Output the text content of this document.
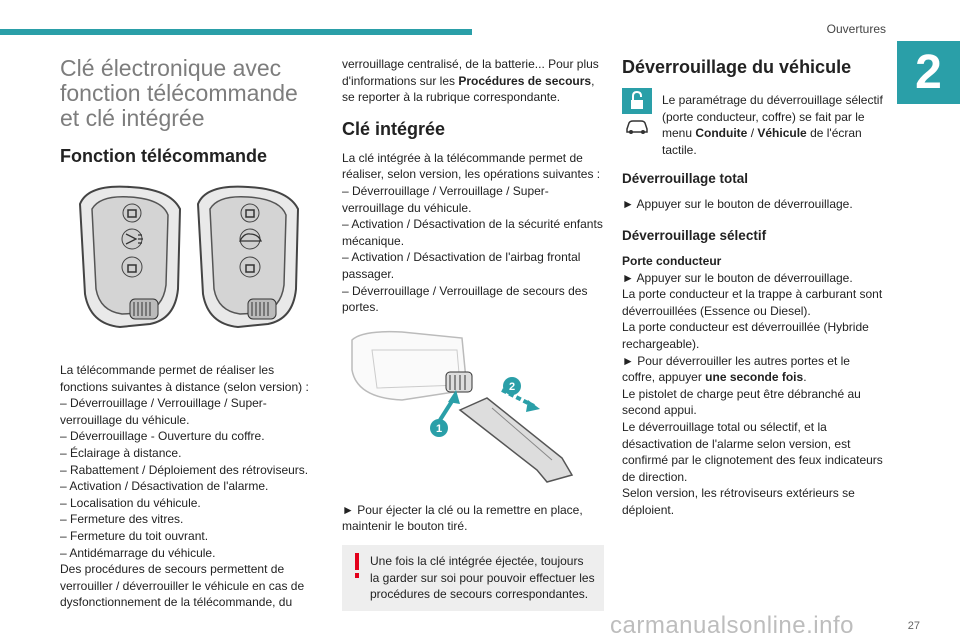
Ouvertures
2
Clé électronique avec fonction télécommande et clé intégrée
Fonction télécommande

La télécommande permet de réaliser les fonctions suivantes à distance (selon version) :

– Déverrouillage / Verrouillage / Super-verrouillage du véhicule.
– Déverrouillage - Ouverture du coffre.
– Éclairage à distance.
– Rabattement / Déploiement des rétroviseurs.
– Activation / Désactivation de l'alarme.
– Localisation du véhicule.
– Fermeture des vitres.
– Fermeture du toit ouvrant.
– Antidémarrage du véhicule.

Des procédures de secours permettent de verrouiller / déverrouiller le véhicule en cas de dysfonctionnement de la télécommande, du

verrouillage centralisé, de la batterie... Pour plus d'informations sur les Procédures de secours, se reporter à la rubrique correspondante.

Clé intégrée

La clé intégrée à la télécommande permet de réaliser, selon version, les opérations suivantes :

– Déverrouillage / Verrouillage / Super-verrouillage du véhicule.
– Activation / Désactivation de la sécurité enfants mécanique.
– Activation / Désactivation de l'airbag frontal passager.
– Déverrouillage / Verrouillage de secours des portes.
1
2

► Pour éjecter la clé ou la remettre en place, maintenir le bouton tiré.

Une fois la clé intégrée éjectée, toujours la garder sur soi pour pouvoir effectuer les procédures de secours correspondantes.

Déverrouillage du véhicule

Le paramétrage du déverrouillage sélectif (porte conducteur, coffre) se fait par le menu Conduite / Véhicule de l'écran tactile.

Déverrouillage total

► Appuyer sur le bouton de déverrouillage.

Déverrouillage sélectif

Porte conducteur

► Appuyer sur le bouton de déverrouillage.

La porte conducteur et la trappe à carburant sont déverrouillées (Essence ou Diesel).

La porte conducteur est déverrouillée (Hybride rechargeable).

► Pour déverrouiller les autres portes et le coffre, appuyer une seconde fois.

Le pistolet de charge peut être débranché au second appui.

Le déverrouillage total ou sélectif, et la désactivation de l'alarme selon version, est confirmé par le clignotement des feux indicateurs de direction.

Selon version, les rétroviseurs extérieurs se déploient.

carmanualsonline.info	27
